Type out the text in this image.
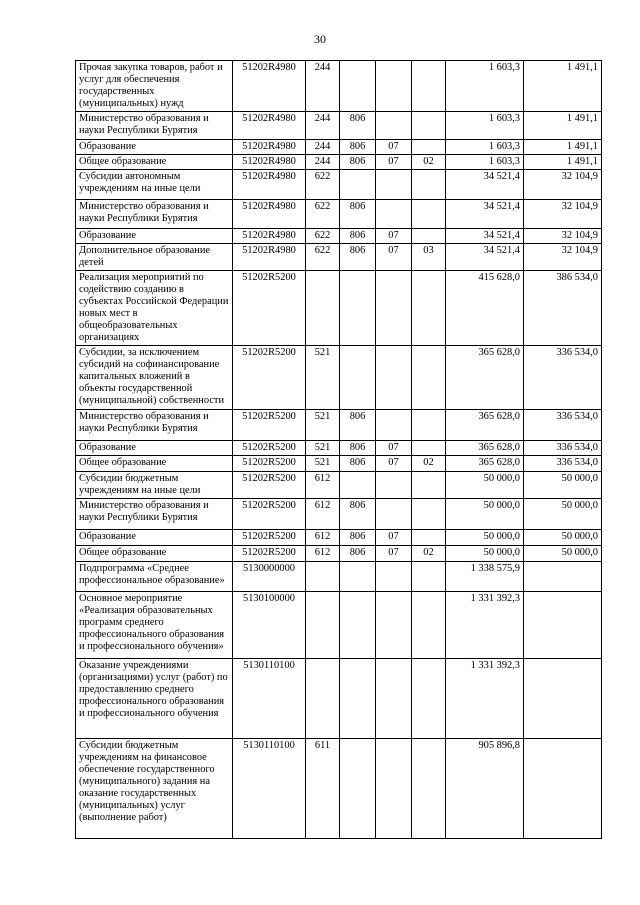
30
Прочая закупка товаров, работ и услуг для обеспечения государственных (муниципальных) нужд	51202R4980	244				1 603,3	1 491,1
Министерство образования и науки Республики Бурятия	51202R4980	244	806			1 603,3	1 491,1
Образование	51202R4980	244	806	07		1 603,3	1 491,1
Общее образование	51202R4980	244	806	07	02	1 603,3	1 491,1
Субсидии автономным учреждениям на иные цели	51202R4980	622				34 521,4	32 104,9
Министерство образования и науки Республики Бурятия	51202R4980	622	806			34 521,4	32 104,9
Образование	51202R4980	622	806	07		34 521,4	32 104,9
Дополнительное образование детей	51202R4980	622	806	07	03	34 521,4	32 104,9
Реализация мероприятий по содействию созданию в субъектах Российской Федерации новых мест в общеобразовательных организациях	51202R5200					415 628,0	386 534,0
Субсидии, за исключением субсидий на софинансирование капитальных вложений в объекты государственной (муниципальной) собственности	51202R5200	521				365 628,0	336 534,0
Министерство образования и науки Республики Бурятия	51202R5200	521	806			365 628,0	336 534,0
Образование	51202R5200	521	806	07		365 628,0	336 534,0
Общее образование	51202R5200	521	806	07	02	365 628,0	336 534,0
Субсидии бюджетным учреждениям на иные цели	51202R5200	612				50 000,0	50 000,0
Министерство образования и науки Республики Бурятия	51202R5200	612	806			50 000,0	50 000,0
Образование	51202R5200	612	806	07		50 000,0	50 000,0
Общее образование	51202R5200	612	806	07	02	50 000,0	50 000,0
Подпрограмма «Среднее профессиональное образование»	5130000000					1 338 575,9	
Основное мероприятие «Реализация образовательных программ среднего профессионального образования и профессионального обучения»	5130100000					1 331 392,3	
Оказание учреждениями (организациями) услуг (работ) по предоставлению среднего профессионального образования и профессионального обучения	5130110100					1 331 392,3	
Субсидии бюджетным учреждениям на финансовое обеспечение государственного (муниципального) задания на оказание государственных (муниципальных) услуг (выполнение работ)	5130110100	611				905 896,8	
